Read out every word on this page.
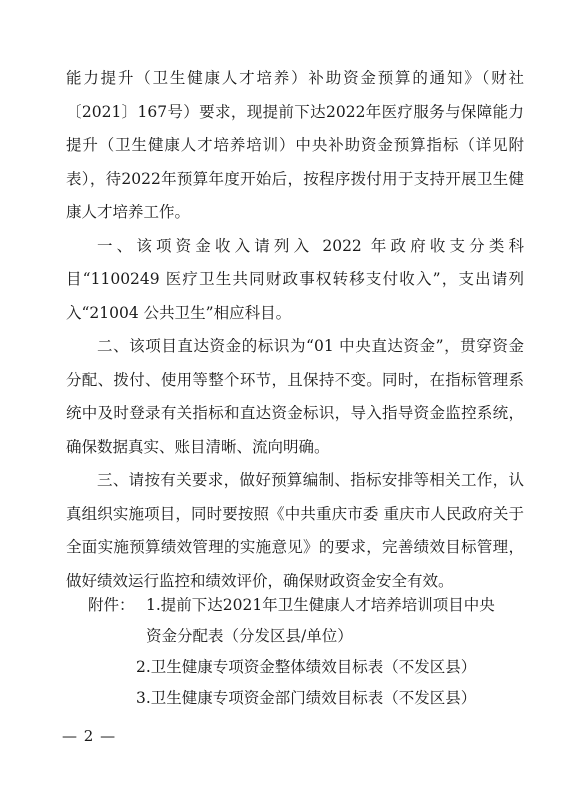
能力提升（卫生健康人才培养）补助资金预算的通知》（财社〔2021〕167号）要求，现提前下达2022年医疗服务与保障能力提升（卫生健康人才培养培训）中央补助资金预算指标（详见附表），待2022年预算年度开始后，按程序拨付用于支持开展卫生健康人才培养工作。

一、该项资金收入请列入 2022 年政府收支分类科目“1100249 医疗卫生共同财政事权转移支付收入”，支出请列入“21004 公共卫生”相应科目。

二、该项目直达资金的标识为“01 中央直达资金”，贯穿资金分配、拨付、使用等整个环节，且保持不变。同时，在指标管理系统中及时登录有关指标和直达资金标识，导入指导资金监控系统，确保数据真实、账目清晰、流向明确。

三、请按有关要求，做好预算编制、指标安排等相关工作，认真组织实施项目，同时要按照《中共重庆市委 重庆市人民政府关于全面实施预算绩效管理的实施意见》的要求，完善绩效目标管理，做好绩效运行监控和绩效评价，确保财政资金安全有效。

附件： 1.提前下达2021年卫生健康人才培养培训项目中央
资金分配表（分发区县/单位）
2.卫生健康专项资金整体绩效目标表（不发区县）
3.卫生健康专项资金部门绩效目标表（不发区县）
— 2 —
